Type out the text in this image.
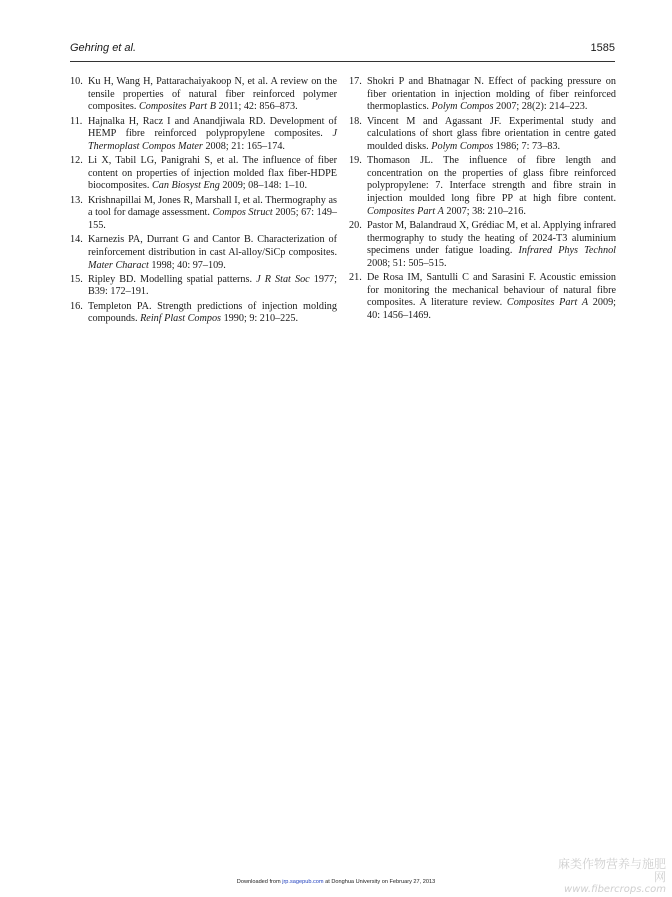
Gehring et al.	1585
10. Ku H, Wang H, Pattarachaiyakoop N, et al. A review on the tensile properties of natural fiber reinforced polymer composites. Composites Part B 2011; 42: 856–873.
11. Hajnalka H, Racz I and Anandjiwala RD. Development of HEMP fibre reinforced polypropylene composites. J Thermoplast Compos Mater 2008; 21: 165–174.
12. Li X, Tabil LG, Panigrahi S, et al. The influence of fiber content on properties of injection molded flax fiber-HDPE biocomposites. Can Biosyst Eng 2009; 08–148: 1–10.
13. Krishnapillai M, Jones R, Marshall I, et al. Thermography as a tool for damage assessment. Compos Struct 2005; 67: 149–155.
14. Karnezis PA, Durrant G and Cantor B. Characterization of reinforcement distribution in cast Al-alloy/SiCp composites. Mater Charact 1998; 40: 97–109.
15. Ripley BD. Modelling spatial patterns. J R Stat Soc 1977; B39: 172–191.
16. Templeton PA. Strength predictions of injection molding compounds. Reinf Plast Compos 1990; 9: 210–225.
17. Shokri P and Bhatnagar N. Effect of packing pressure on fiber orientation in injection molding of fiber reinforced thermoplastics. Polym Compos 2007; 28(2): 214–223.
18. Vincent M and Agassant JF. Experimental study and calculations of short glass fibre orientation in centre gated moulded disks. Polym Compos 1986; 7: 73–83.
19. Thomason JL. The influence of fibre length and concentration on the properties of glass fibre reinforced polypropylene: 7. Interface strength and fibre strain in injection moulded long fibre PP at high fibre content. Composites Part A 2007; 38: 210–216.
20. Pastor M, Balandraud X, Grédiac M, et al. Applying infrared thermography to study the heating of 2024-T3 aluminium specimens under fatigue loading. Infrared Phys Technol 2008; 51: 505–515.
21. De Rosa IM, Santulli C and Sarasini F. Acoustic emission for monitoring the mechanical behaviour of natural fibre composites. A literature review. Composites Part A 2009; 40: 1456–1469.
Downloaded from jrp.sagepub.com at Donghua University on February 27, 2013
麻类作物营养与施肥网
www.fibercrops.com
